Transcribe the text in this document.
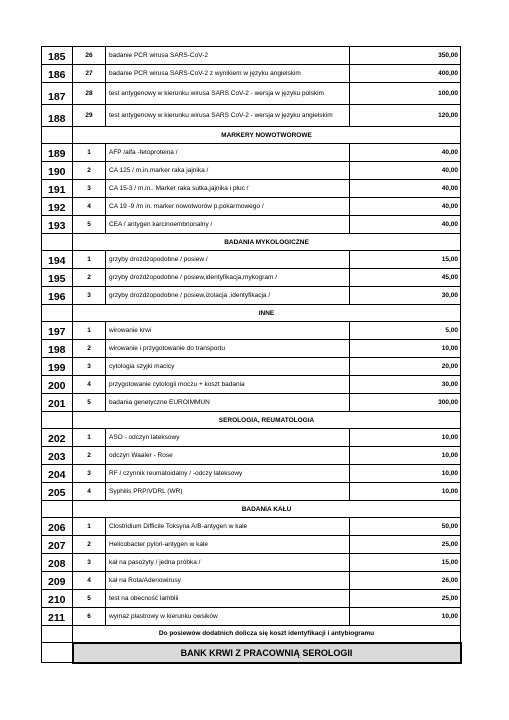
185	26	badanie PCR wirusa SARS-CoV-2	350,00
186	27	badanie PCR wirusa SARS-CoV-2 z wynikiem w języku angielskim	400,00
187	28	test antygenowy w kierunku wirusa SARS CoV-2 - wersja w języku polskim	100,00
188	29	test antygenowy w kierunku wirusa SARS CoV-2 - wersja w języku angielskim	120,00
	MARKERY NOWOTWOROWE		
189	1	AFP /alfa -fetoproteina /	40,00
190	2	CA 125 / m.in.marker raka jajnika /	40,00
191	3	CA 15-3 / m.in.. Marker raka sutka,jajnika i płuc /	40,00
192	4	CA 19 -9 /m in. marker nowotworów p.pokarmowego /	40,00
193	5	CEA / antygen karcinoembrionalny /	40,00
	BADANIA MYKOLOGICZNE		
194	1	grzyby drożdżopodobne / posiew /	15,00
195	2	grzyby drożdżopodobne / posiew,identyfikacja,mykogram /	45,00
196	3	grzyby drożdżopodobne / posiew,izolacja ,identyfikacja /	30,00
	INNE		
197	1	wirowanie krwi	5,00
198	2	wirowanie i przygotowanie do transportu	10,00
199	3	cytologia szyjki macicy	20,00
200	4	przygotowanie cytologii moczu + koszt badania	30,00
201	5	badania genetyczne EUROIMMUN	300,00
	SEROLOGIA, REUMATOLOGIA		
202	1	ASO - odczyn lateksowy	10,00
203	2	odczyn Waaler - Rose	10,00
204	3	RF / czynnik reumatoidalny / -odczy lateksowy	10,00
205	4	Syphilis PRP/VDRL (WR)	10,00
	BADANIA KAŁU		
206	1	Clostridium Difficile Toksyna A/B-antygen w kale	50,00
207	2	Helicobacter pylori-antygen w kale	25,00
208	3	kał na pasożyty / jedna próbka /	15,00
209	4	kał na Rota/Adenowirusy	26,00
210	5	test na obecność lamblii	25,00
211	6	wymaz plastrowy w kierunku owsików	10,00
	Do posiewów dodatnich dolicza się koszt identyfikacji i antybiogramu		
	BANK KRWI Z PRACOWNIĄ SEROLOGII		
